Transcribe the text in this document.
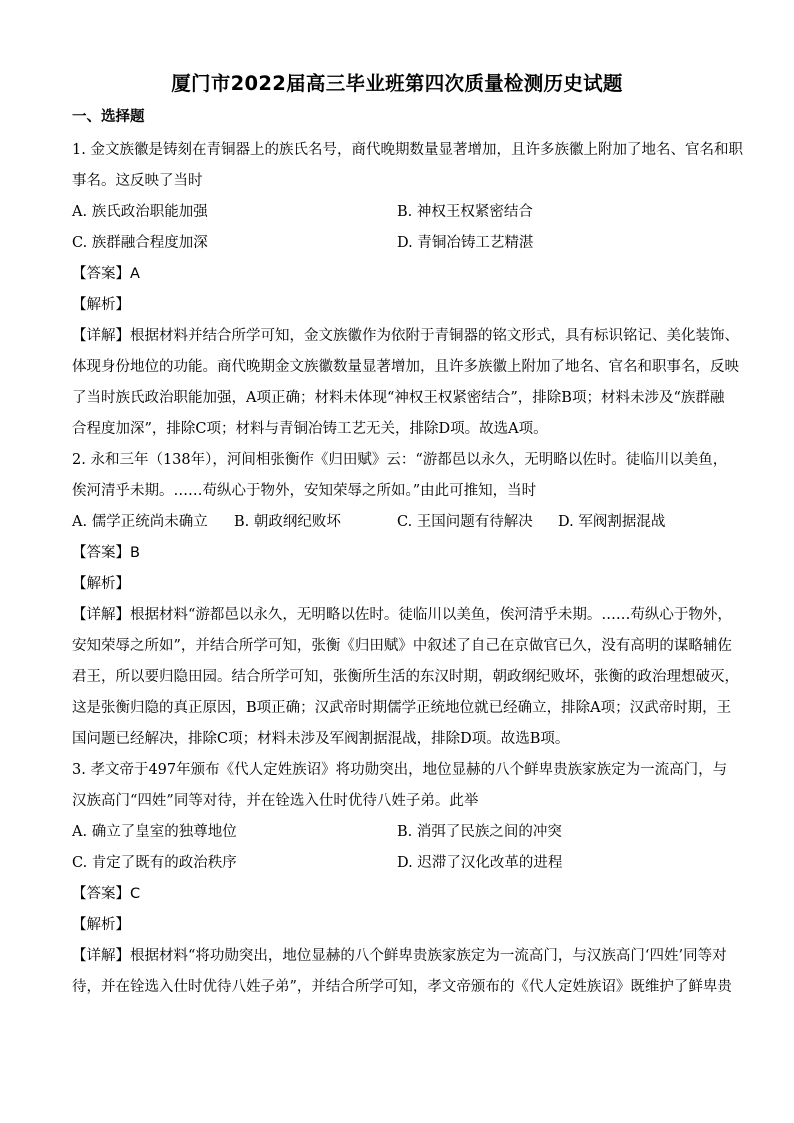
厦门市2022届高三毕业班第四次质量检测历史试题
一、选择题
1. 金文族徽是铸刻在青铜器上的族氏名号，商代晚期数量显著增加，且许多族徽上附加了地名、官名和职
事名。这反映了当时
A. 族氏政治职能加强	B. 神权王权紧密结合
C. 族群融合程度加深	D. 青铜冶铸工艺精湛
【答案】A
【解析】
【详解】根据材料并结合所学可知，金文族徽作为依附于青铜器的铭文形式，具有标识铭记、美化装饰、
体现身份地位的功能。商代晚期金文族徽数量显著增加，且许多族徽上附加了地名、官名和职事名，反映
了当时族氏政治职能加强，A项正确；材料未体现“神权王权紧密结合”，排除B项；材料未涉及“族群融
合程度加深”，排除C项；材料与青铜冶铸工艺无关，排除D项。故选A项。
2. 永和三年（138年），河间相张衡作《归田赋》云：“游都邑以永久，无明略以佐时。徒临川以美鱼，
俟河清乎未期。……苟纵心于物外，安知荣辱之所如。”由此可推知，当时
A. 儒学正统尚未确立 B. 朝政纲纪败坏	C. 王国问题有待解决 D. 军阀割据混战
【答案】B
【解析】
【详解】根据材料“游都邑以永久，无明略以佐时。徒临川以美鱼，俟河清乎未期。……苟纵心于物外，
安知荣辱之所如”，并结合所学可知，张衡《归田赋》中叙述了自己在京做官已久，没有高明的谋略辅佐
君王，所以要归隐田园。结合所学可知，张衡所生活的东汉时期，朝政纲纪败坏，张衡的政治理想破灭，
这是张衡归隐的真正原因，B项正确；汉武帝时期儒学正统地位就已经确立，排除A项；汉武帝时期，王
国问题已经解决，排除C项；材料未涉及军阀割据混战，排除D项。故选B项。
3. 孝文帝于497年颁布《代人定姓族诏》将功勋突出，地位显赫的八个鲜卑贵族家族定为一流高门，与
汉族高门“四姓”同等对待，并在铨选入仕时优待八姓子弟。此举
A. 确立了皇室的独尊地位	B. 消弭了民族之间的冲突
C. 肯定了既有的政治秩序	D. 迟滞了汉化改革的进程
【答案】C
【解析】
【详解】根据材料“将功勋突出，地位显赫的八个鲜卑贵族家族定为一流高门，与汉族高门‘四姓’同等对
待，并在铨选入仕时优待八姓子弟”，并结合所学可知，孝文帝颁布的《代人定姓族诏》既维护了鲜卑贵
